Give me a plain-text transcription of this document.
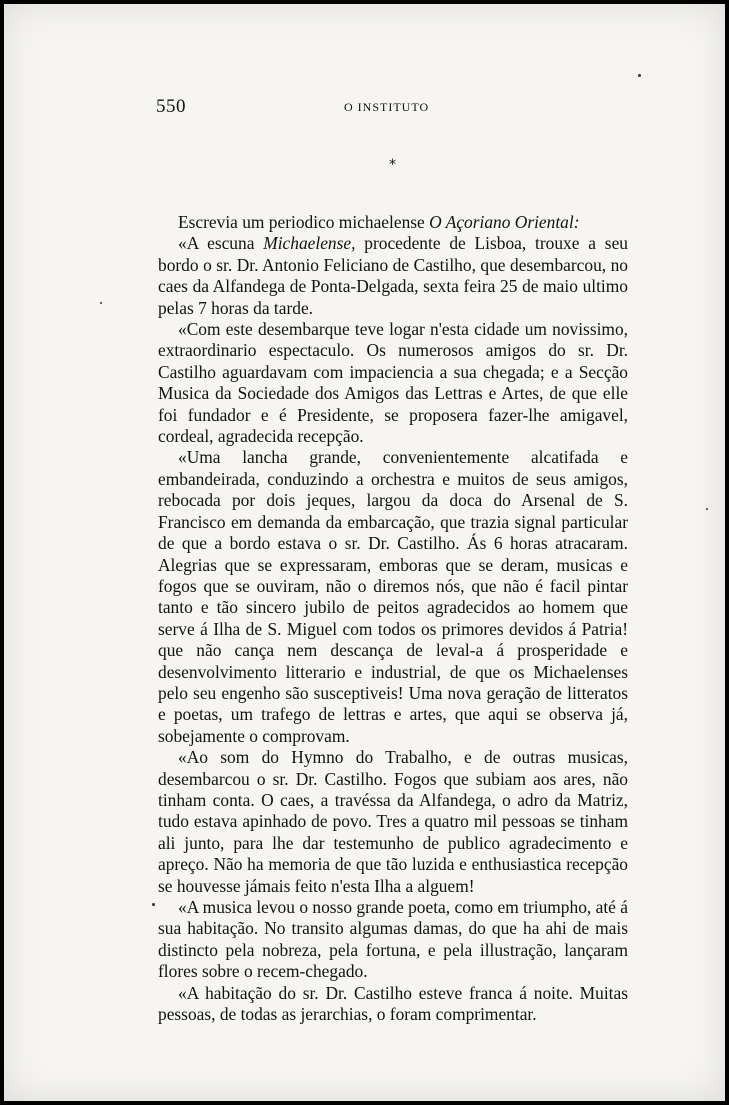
550	O INSTITUTO
*

Escrevia um periodico michaelense O Açoriano Oriental:

«A escuna Michaelense, procedente de Lisboa, trouxe a seu bordo o sr. Dr. Antonio Feliciano de Castilho, que desembarcou, no caes da Alfandega de Ponta-Delgada, sexta feira 25 de maio ultimo pelas 7 horas da tarde.

«Com este desembarque teve logar n'esta cidade um novissimo, extraordinario espectaculo. Os numerosos amigos do sr. Dr. Castilho aguardavam com impaciencia a sua chegada; e a Secção Musica da Sociedade dos Amigos das Lettras e Artes, de que elle foi fundador e é Presidente, se proposera fazer-lhe amigavel, cordeal, agradecida recepção.

«Uma lancha grande, convenientemente alcatifada e embandeirada, conduzindo a orchestra e muitos de seus amigos, rebocada por dois jeques, largou da doca do Arsenal de S. Francisco em demanda da embarcação, que trazia signal particular de que a bordo estava o sr. Dr. Castilho. Ás 6 horas atracaram. Alegrias que se expressaram, emboras que se deram, musicas e fogos que se ouviram, não o diremos nós, que não é facil pintar tanto e tão sincero jubilo de peitos agradecidos ao homem que serve á Ilha de S. Miguel com todos os primores devidos á Patria! que não cança nem descança de leval-a á prosperidade e desenvolvimento litterario e industrial, de que os Michaelenses pelo seu engenho são susceptiveis! Uma nova geração de litteratos e poetas, um trafego de lettras e artes, que aqui se observa já, sobejamente o comprovam.

«Ao som do Hymno do Trabalho, e de outras musicas, desembarcou o sr. Dr. Castilho. Fogos que subiam aos ares, não tinham conta. O caes, a travéssa da Alfandega, o adro da Matriz, tudo estava apinhado de povo. Tres a quatro mil pessoas se tinham ali junto, para lhe dar testemunho de publico agradecimento e apreço. Não ha memoria de que tão luzida e enthusiastica recepção se houvesse jámais feito n'esta Ilha a alguem!

«A musica levou o nosso grande poeta, como em triumpho, até á sua habitação. No transito algumas damas, do que ha ahi de mais distincto pela nobreza, pela fortuna, e pela illustração, lançaram flores sobre o recem-chegado.

«A habitação do sr. Dr. Castilho esteve franca á noite. Muitas pessoas, de todas as jerarchias, o foram comprimentar.
